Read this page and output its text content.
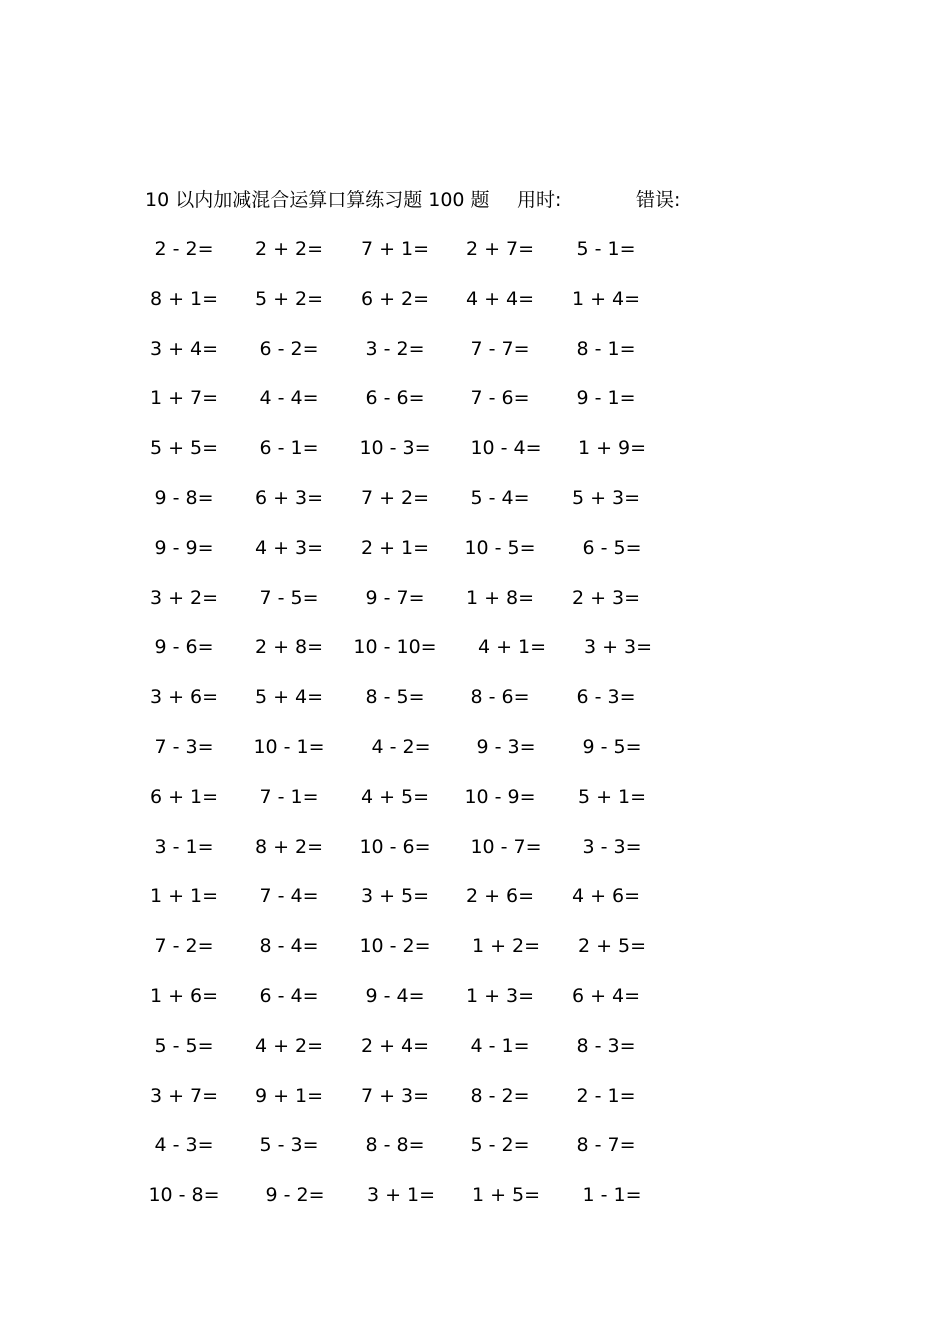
10 以内加减混合运算口算练习题 100 题 用时:	错误:
2 - 2=	2 + 2=	7 + 1=	2 + 7=	5 - 1=
8 + 1=	5 + 2=	6 + 2=	4 + 4=	1 + 4=
3 + 4=	6 - 2=	3 - 2=	7 - 7=	8 - 1=
1 + 7=	4 - 4=	6 - 6=	7 - 6=	9 - 1=
5 + 5=	6 - 1=	10 - 3=	10 - 4=	1 + 9=
9 - 8=	6 + 3=	7 + 2=	5 - 4=	5 + 3=
9 - 9=	4 + 3=	2 + 1=	10 - 5=	6 - 5=
3 + 2=	7 - 5=	9 - 7=	1 + 8=	2 + 3=
9 - 6=	2 + 8=	10 - 10=	4 + 1=	3 + 3=
3 + 6=	5 + 4=	8 - 5=	8 - 6=	6 - 3=
7 - 3=	10 - 1=	4 - 2=	9 - 3=	9 - 5=
6 + 1=	7 - 1=	4 + 5=	10 - 9=	5 + 1=
3 - 1=	8 + 2=	10 - 6=	10 - 7=	3 - 3=
1 + 1=	7 - 4=	3 + 5=	2 + 6=	4 + 6=
7 - 2=	8 - 4=	10 - 2=	1 + 2=	2 + 5=
1 + 6=	6 - 4=	9 - 4=	1 + 3=	6 + 4=
5 - 5=	4 + 2=	2 + 4=	4 - 1=	8 - 3=
3 + 7=	9 + 1=	7 + 3=	8 - 2=	2 - 1=
4 - 3=	5 - 3=	8 - 8=	5 - 2=	8 - 7=
10 - 8=	9 - 2=	3 + 1=	1 + 5=	1 - 1=
